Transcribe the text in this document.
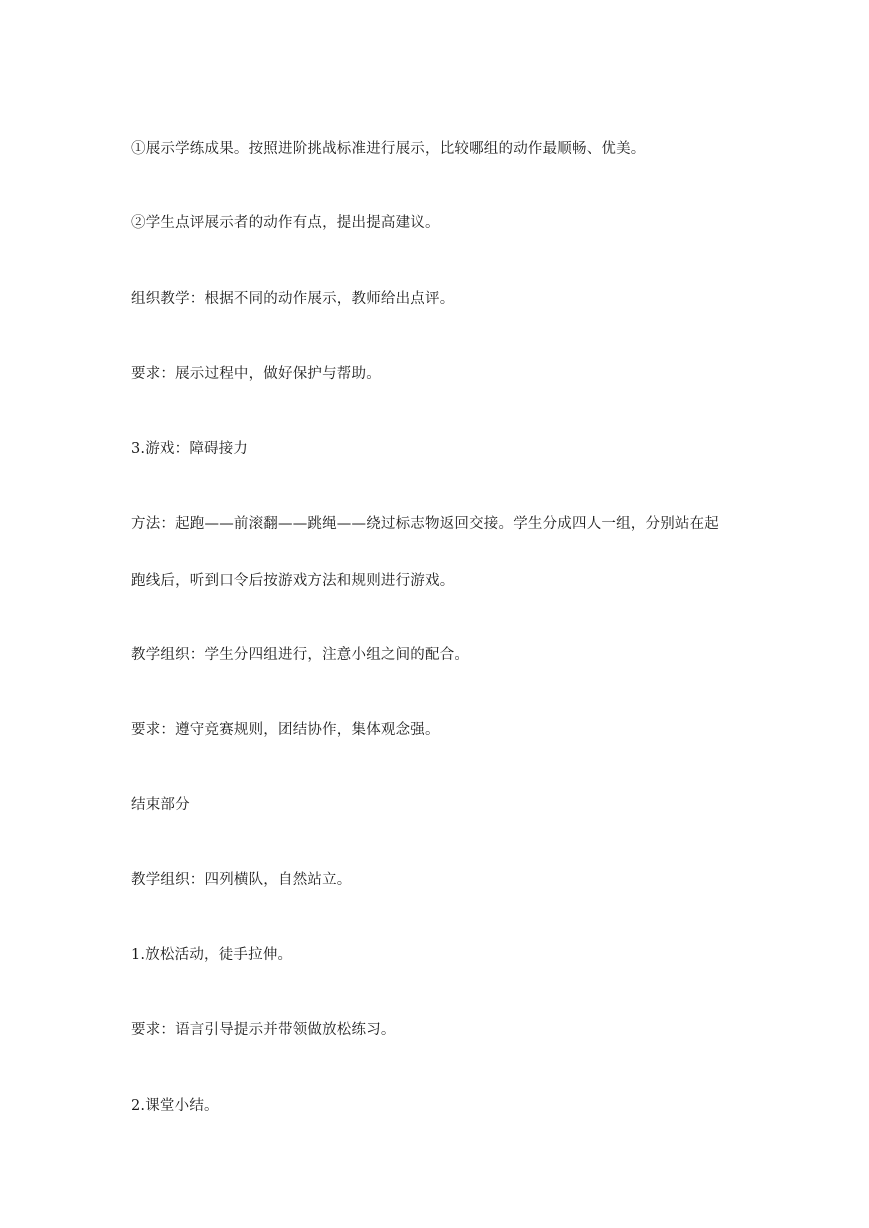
①展示学练成果。按照进阶挑战标准进行展示，比较哪组的动作最顺畅、优美。
②学生点评展示者的动作有点，提出提高建议。
组织教学：根据不同的动作展示，教师给出点评。
要求：展示过程中，做好保护与帮助。
3.游戏：障碍接力
方法：起跑——前滚翻——跳绳——绕过标志物返回交接。学生分成四人一组，分别站在起
跑线后，听到口令后按游戏方法和规则进行游戏。
教学组织：学生分四组进行，注意小组之间的配合。
要求：遵守竞赛规则，团结协作，集体观念强。
结束部分
教学组织：四列横队，自然站立。
1.放松活动，徒手拉伸。
要求：语言引导提示并带领做放松练习。
2.课堂小结。
